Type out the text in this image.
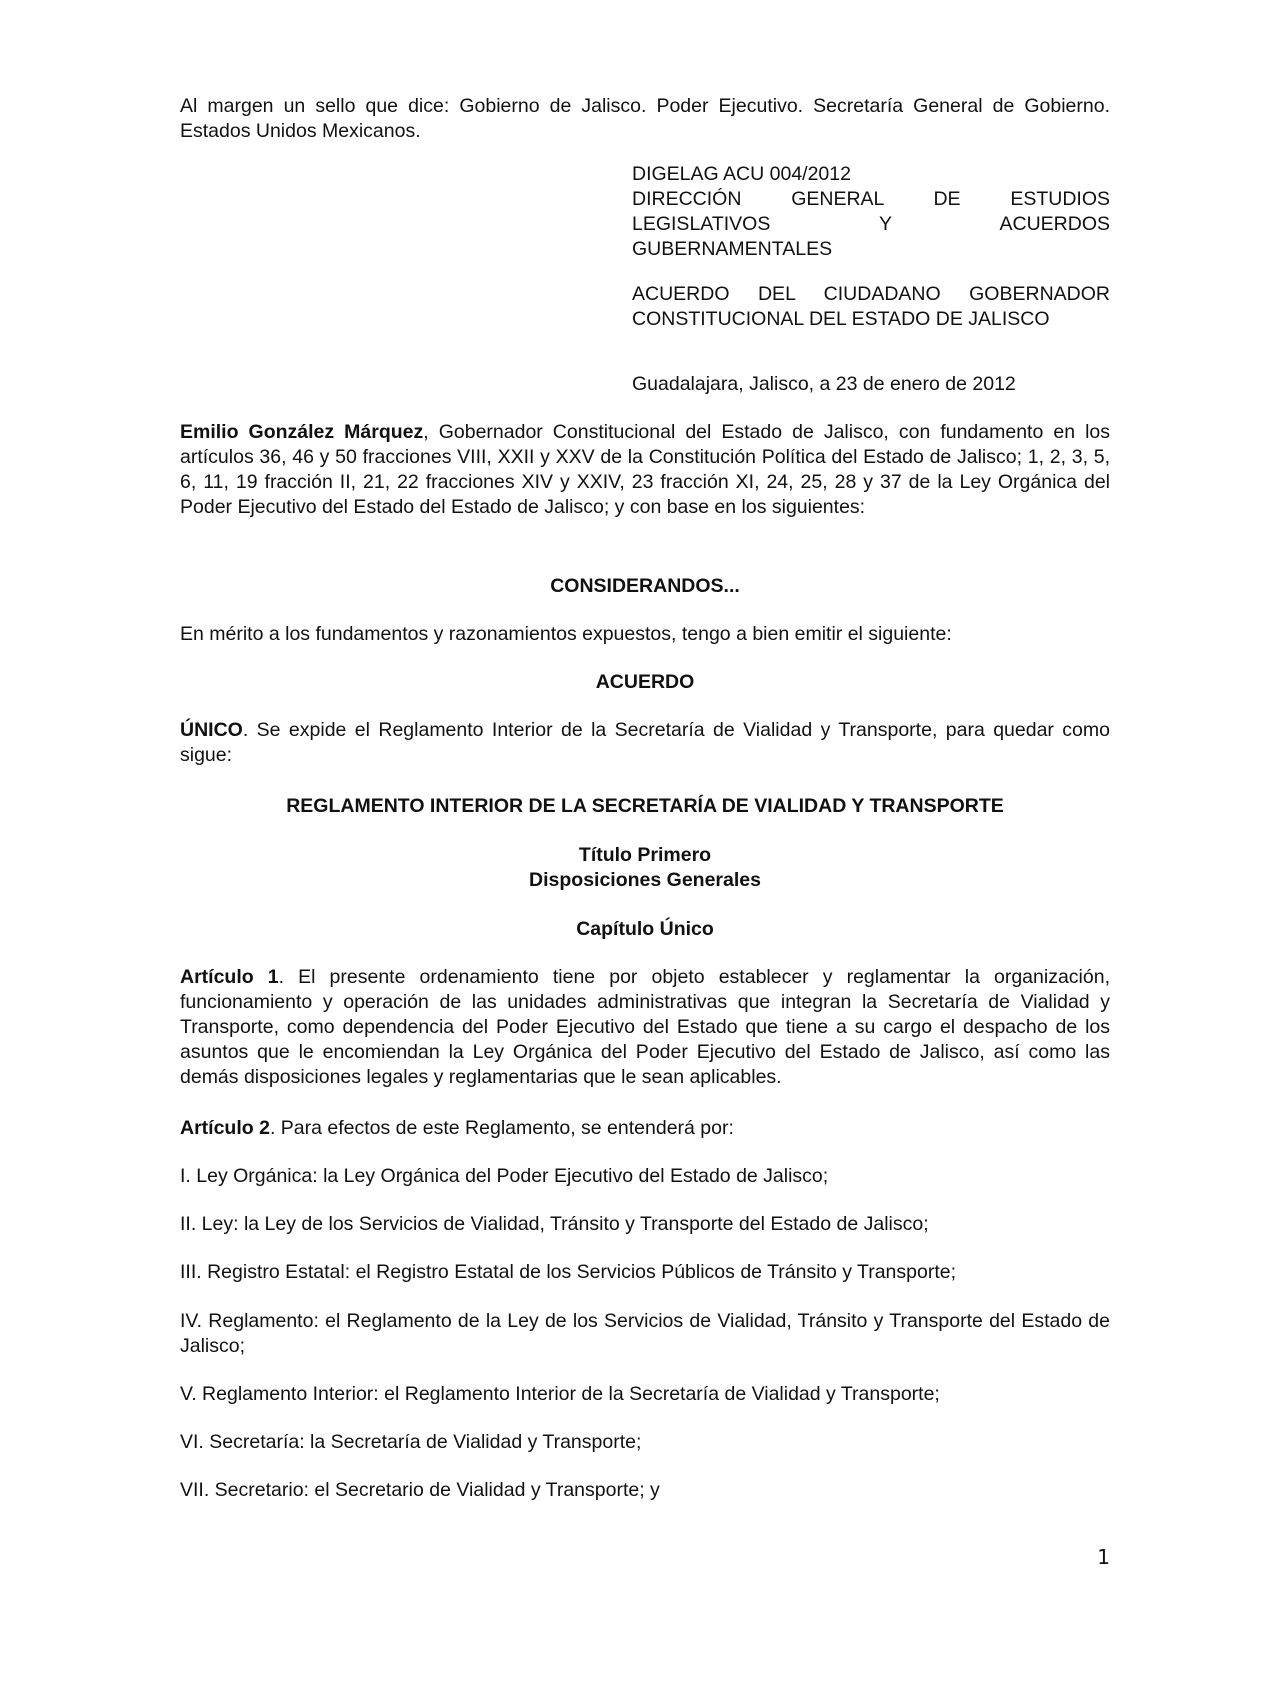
Al margen un sello que dice: Gobierno de Jalisco. Poder Ejecutivo. Secretaría General de Gobierno. Estados Unidos Mexicanos.
DIGELAG ACU 004/2012
DIRECCIÓN GENERAL DE ESTUDIOS
LEGISLATIVOS Y ACUERDOS
GUBERNAMENTALES
ACUERDO DEL CIUDADANO GOBERNADOR
CONSTITUCIONAL DEL ESTADO DE JALISCO
Guadalajara, Jalisco, a 23 de enero de 2012
Emilio González Márquez, Gobernador Constitucional del Estado de Jalisco, con fundamento en los artículos 36, 46 y 50 fracciones VIII, XXII y XXV de la Constitución Política del Estado de Jalisco; 1, 2, 3, 5, 6, 11, 19 fracción II, 21, 22 fracciones XIV y XXIV, 23 fracción XI, 24, 25, 28 y 37 de la Ley Orgánica del Poder Ejecutivo del Estado del Estado de Jalisco; y con base en los siguientes:
CONSIDERANDOS...
En mérito a los fundamentos y razonamientos expuestos, tengo a bien emitir el siguiente:
ACUERDO
ÚNICO. Se expide el Reglamento Interior de la Secretaría de Vialidad y Transporte, para quedar como sigue:
REGLAMENTO INTERIOR DE LA SECRETARÍA DE VIALIDAD Y TRANSPORTE
Título Primero
Disposiciones Generales
Capítulo Único
Artículo 1. El presente ordenamiento tiene por objeto establecer y reglamentar la organización, funcionamiento y operación de las unidades administrativas que integran la Secretaría de Vialidad y Transporte, como dependencia del Poder Ejecutivo del Estado que tiene a su cargo el despacho de los asuntos que le encomiendan la Ley Orgánica del Poder Ejecutivo del Estado de Jalisco, así como las demás disposiciones legales y reglamentarias que le sean aplicables.
Artículo 2. Para efectos de este Reglamento, se entenderá por:
I. Ley Orgánica: la Ley Orgánica del Poder Ejecutivo del Estado de Jalisco;
II. Ley: la Ley de los Servicios de Vialidad, Tránsito y Transporte del Estado de Jalisco;
III. Registro Estatal: el Registro Estatal de los Servicios Públicos de Tránsito y Transporte;
IV. Reglamento: el Reglamento de la Ley de los Servicios de Vialidad, Tránsito y Transporte del Estado de Jalisco;
V. Reglamento Interior: el Reglamento Interior de la Secretaría de Vialidad y Transporte;
VI. Secretaría: la Secretaría de Vialidad y Transporte;
VII. Secretario: el Secretario de Vialidad y Transporte; y
1
